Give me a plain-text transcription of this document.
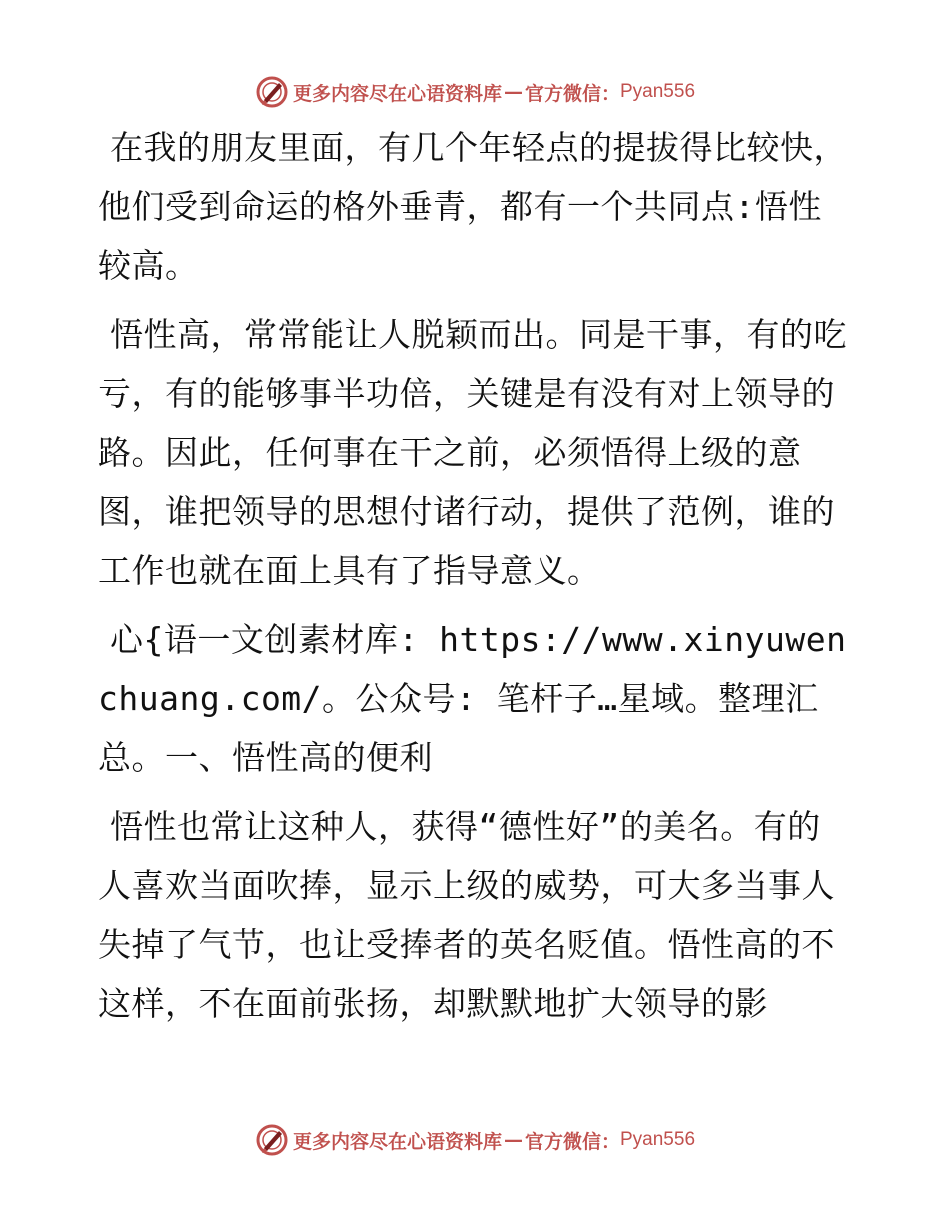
更多内容尽在心语资料库 — 官方微信： Pyan556

在我的朋友里面，有几个年轻点的提拔得比较快，他们受到命运的格外垂青，都有一个共同点:悟性较高。

悟性高，常常能让人脱颖而出。同是干事，有的吃亏，有的能够事半功倍，关键是有没有对上领导的路。因此，任何事在干之前，必须悟得上级的意图，谁把领导的思想付诸行动，提供了范例，谁的工作也就在面上具有了指导意义。

心{语一文创素材库: https://www.xinyuwenchuang.com/。公众号: 笔杆子…星域。整理汇总。一、悟性高的便利

悟性也常让这种人，获得“德性好”的美名。有的人喜欢当面吹捧，显示上级的威势，可大多当事人失掉了气节，也让受捧者的英名贬值。悟性高的不这样，不在面前张扬，却默默地扩大领导的影

更多内容尽在心语资料库 — 官方微信： Pyan556
